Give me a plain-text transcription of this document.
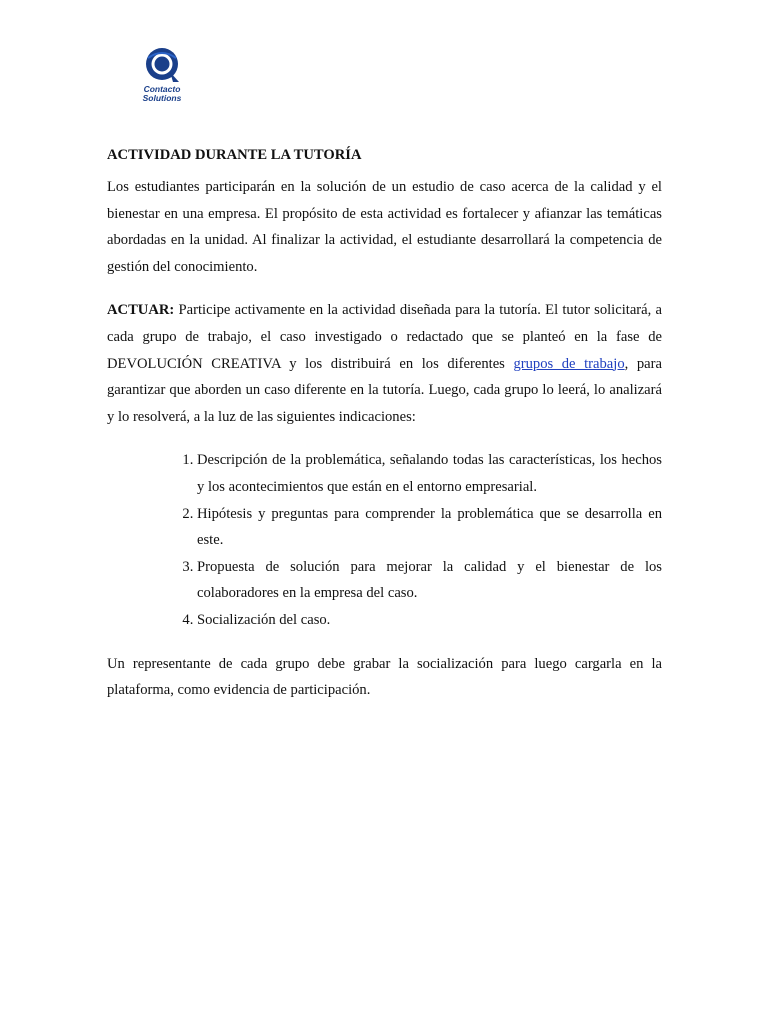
Contacto
Solutions
ACTIVIDAD DURANTE LA TUTORÍA

Los estudiantes participarán en la solución de un estudio de caso acerca de la calidad y el bienestar en una empresa. El propósito de esta actividad es fortalecer y afianzar las temáticas abordadas en la unidad. Al finalizar la actividad, el estudiante desarrollará la competencia de gestión del conocimiento.

ACTUAR: Participe activamente en la actividad diseñada para la tutoría. El tutor solicitará, a cada grupo de trabajo, el caso investigado o redactado que se planteó en la fase de DEVOLUCIÓN CREATIVA y los distribuirá en los diferentes grupos de trabajo, para garantizar que aborden un caso diferente en la tutoría. Luego, cada grupo lo leerá, lo analizará y lo resolverá, a la luz de las siguientes indicaciones:

1. Descripción de la problemática, señalando todas las características, los hechos y los acontecimientos que están en el entorno empresarial.
2. Hipótesis y preguntas para comprender la problemática que se desarrolla en este.
3. Propuesta de solución para mejorar la calidad y el bienestar de los colaboradores en la empresa del caso.
4. Socialización del caso.

Un representante de cada grupo debe grabar la socialización para luego cargarla en la plataforma, como evidencia de participación.
